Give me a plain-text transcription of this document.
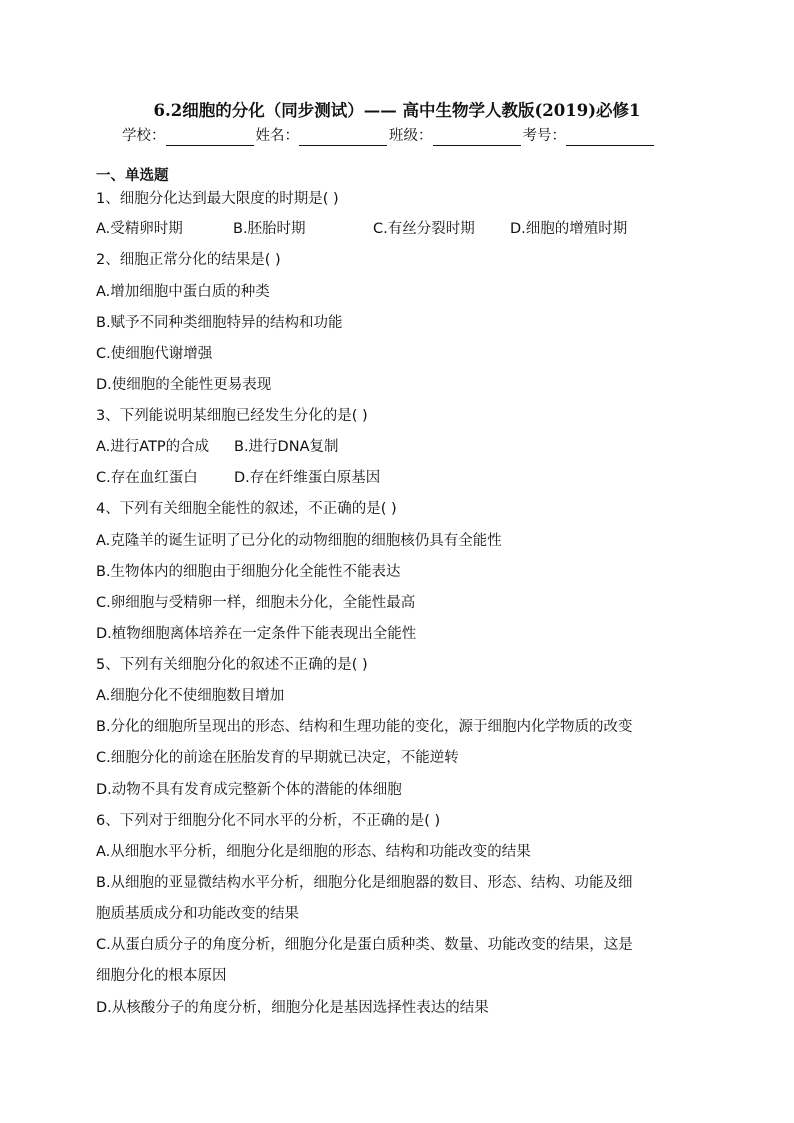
6.2细胞的分化（同步测试）—— 高中生物学人教版(2019)必修1
学校：	姓名：	班级：	考号：
一、单选题
1、细胞分化达到最大限度的时期是( )
A.受精卵时期	B.胚胎时期	C.有丝分裂时期 D.细胞的增殖时期
2、细胞正常分化的结果是( )
A.增加细胞中蛋白质的种类
B.赋予不同种类细胞特异的结构和功能
C.使细胞代谢增强
D.使细胞的全能性更易表现
3、下列能说明某细胞已经发生分化的是( )
A.进行ATP的合成 B.进行DNA复制
C.存在血红蛋白	D.存在纤维蛋白原基因
4、下列有关细胞全能性的叙述，不正确的是( )
A.克隆羊的诞生证明了已分化的动物细胞的细胞核仍具有全能性
B.生物体内的细胞由于细胞分化全能性不能表达
C.卵细胞与受精卵一样，细胞未分化，全能性最高
D.植物细胞离体培养在一定条件下能表现出全能性
5、下列有关细胞分化的叙述不正确的是( )
A.细胞分化不使细胞数目增加
B.分化的细胞所呈现出的形态、结构和生理功能的变化，源于细胞内化学物质的改变
C.细胞分化的前途在胚胎发育的早期就已决定，不能逆转
D.动物不具有发育成完整新个体的潜能的体细胞
6、下列对于细胞分化不同水平的分析，不正确的是( )
A.从细胞水平分析，细胞分化是细胞的形态、结构和功能改变的结果
B.从细胞的亚显微结构水平分析，细胞分化是细胞器的数目、形态、结构、功能及细
胞质基质成分和功能改变的结果
C.从蛋白质分子的角度分析，细胞分化是蛋白质种类、数量、功能改变的结果，这是
细胞分化的根本原因
D.从核酸分子的角度分析，细胞分化是基因选择性表达的结果
